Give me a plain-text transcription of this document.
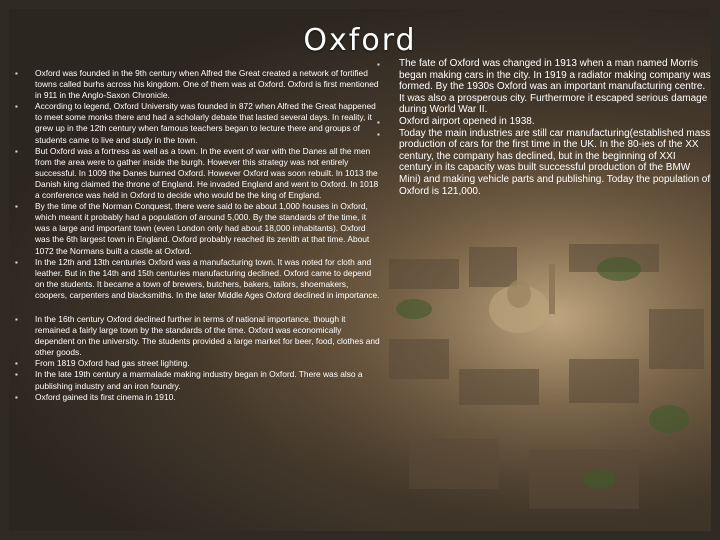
Oxford
▪ Oxford was founded in the 9th century when Alfred the Great created a network of fortified towns called burhs across his kingdom. One of them was at Oxford. Oxford is first mentioned in 911 in the Anglo-Saxon Chronicle.
▪ According to legend, Oxford University was founded in 872 when Alfred the Great happened to meet some monks there and had a scholarly debate that lasted several days. In reality, it grew up in the 12th century when famous teachers began to lecture there and groups of students came to live and study in the town.
▪ But Oxford was a fortress as well as a town. In the event of war with the Danes all the men from the area were to gather inside the burgh. However this strategy was not entirely successful. In 1009 the Danes burned Oxford. However Oxford was soon rebuilt. In 1013 the Danish king claimed the throne of England. He invaded England and went to Oxford. In 1018 a conference was held in Oxford to decide who would be the king of England.
▪ By the time of the Norman Conquest, there were said to be about 1,000 houses in Oxford, which meant it probably had a population of around 5,000. By the standards of the time, it was a large and important town (even London only had about 18,000 inhabitants). Oxford was the 6th largest town in England. Oxford probably reached its zenith at that time. About 1072 the Normans built a castle at Oxford.
▪ In the 12th and 13th centuries Oxford was a manufacturing town. It was noted for cloth and leather. But in the 14th and 15th centuries manufacturing declined. Oxford came to depend on the students. It became a town of brewers, butchers, bakers, tailors, shoemakers, coopers, carpenters and blacksmiths. In the later Middle Ages Oxford declined in importance.
▪ In the 16th century Oxford declined further in terms of national importance, though it remained a fairly large town by the standards of the time. Oxford was economically dependent on the university. The students provided a large market for beer, food, clothes and other goods.
▪ From 1819 Oxford had gas street lighting.
▪ In the late 19th century a marmalade making industry began in Oxford. There was also a publishing industry and an iron foundry.
▪ Oxford gained its first cinema in 1910.
▪ The fate of Oxford was changed in 1913 when a man named Morris began making cars in the city. In 1919 a radiator making company was formed. By the 1930s Oxford was an important manufacturing centre. It was also a prosperous city. Furthermore it escaped serious damage during World War II.
▪ Oxford airport opened in 1938.
▪ Today the main industries are still car manufacturing(established mass production of cars for the first time in the UK. In the 80-ies of the XX century, the company has declined, but in the beginning of XXI century in its capacity was built successful production of the BMW Mini) and making vehicle parts and publishing. Today the population of Oxford is 121,000.
